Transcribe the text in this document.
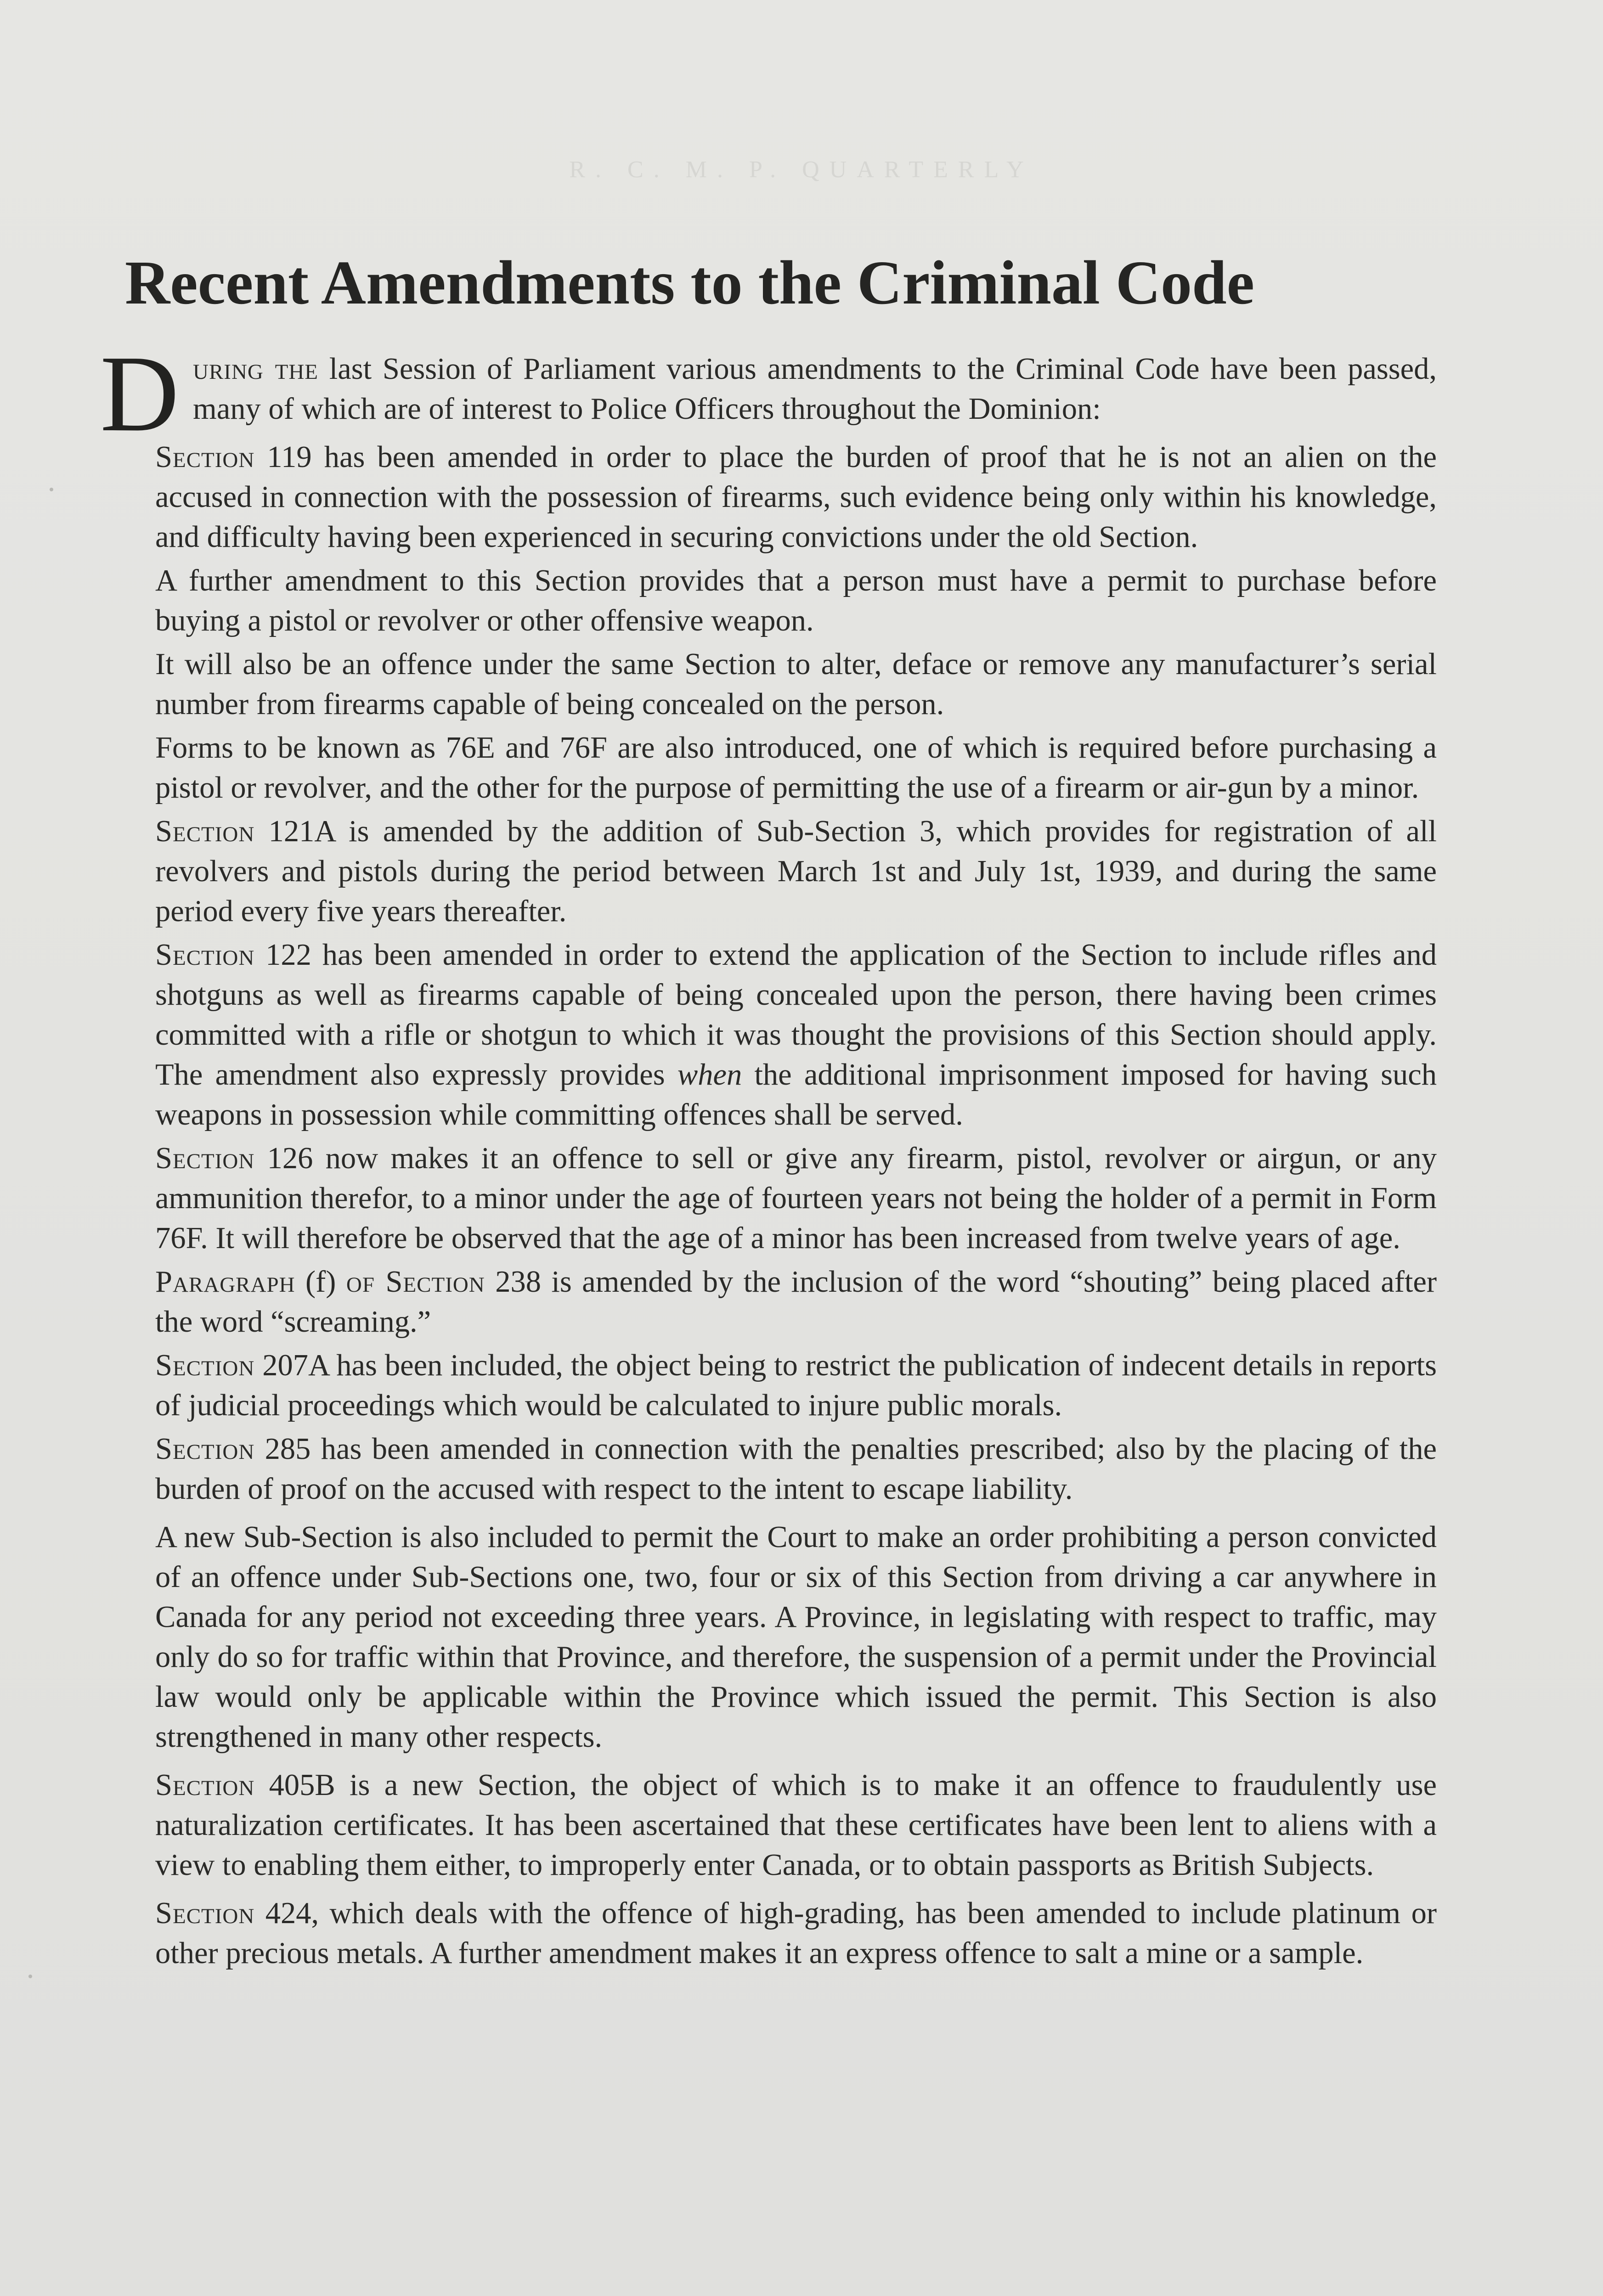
R. C. M. P. QUARTERLY
Recent Amendments to the Criminal Code

D uring the last Session of Parliament various amendments to the Criminal Code have been passed, many of which are of interest to Police Officers throughout the Dominion:

Section 119 has been amended in order to place the burden of proof that he is not an alien on the accused in connection with the possession of firearms, such evidence being only within his knowledge, and difficulty having been experienced in securing convictions under the old Section.

A further amendment to this Section provides that a person must have a permit to purchase before buying a pistol or revolver or other offensive weapon.

It will also be an offence under the same Section to alter, deface or remove any manufacturer’s serial number from firearms capable of being concealed on the person.

Forms to be known as 76E and 76F are also introduced, one of which is required before purchasing a pistol or revolver, and the other for the purpose of permitting the use of a firearm or air-gun by a minor.

Section 121A is amended by the addition of Sub-Section 3, which provides for registration of all revolvers and pistols during the period between March 1st and July 1st, 1939, and during the same period every five years thereafter.

Section 122 has been amended in order to extend the application of the Section to include rifles and shotguns as well as firearms capable of being concealed upon the person, there having been crimes committed with a rifle or shotgun to which it was thought the provisions of this Section should apply. The amendment also expressly provides when the additional imprisonment imposed for having such weapons in possession while committing offences shall be served.

Section 126 now makes it an offence to sell or give any firearm, pistol, revolver or airgun, or any ammunition therefor, to a minor under the age of fourteen years not being the holder of a permit in Form 76F. It will therefore be observed that the age of a minor has been increased from twelve years of age.

Paragraph (f) of Section 238 is amended by the inclusion of the word “shouting” being placed after the word “screaming.”

Section 207A has been included, the object being to restrict the publication of indecent details in reports of judicial proceedings which would be calculated to injure public morals.

Section 285 has been amended in connection with the penalties prescribed; also by the placing of the burden of proof on the accused with respect to the intent to escape liability.

A new Sub-Section is also included to permit the Court to make an order prohibiting a person convicted of an offence under Sub-Sections one, two, four or six of this Section from driving a car anywhere in Canada for any period not exceeding three years. A Province, in legislating with respect to traffic, may only do so for traffic within that Province, and therefore, the suspension of a permit under the Provincial law would only be applicable within the Province which issued the permit. This Section is also strengthened in many other respects.

Section 405B is a new Section, the object of which is to make it an offence to fraudulently use naturalization certificates. It has been ascertained that these certificates have been lent to aliens with a view to enabling them either, to improperly enter Canada, or to obtain passports as British Subjects.

Section 424, which deals with the offence of high-grading, has been amended to include platinum or other precious metals. A further amendment makes it an express offence to salt a mine or a sample.
